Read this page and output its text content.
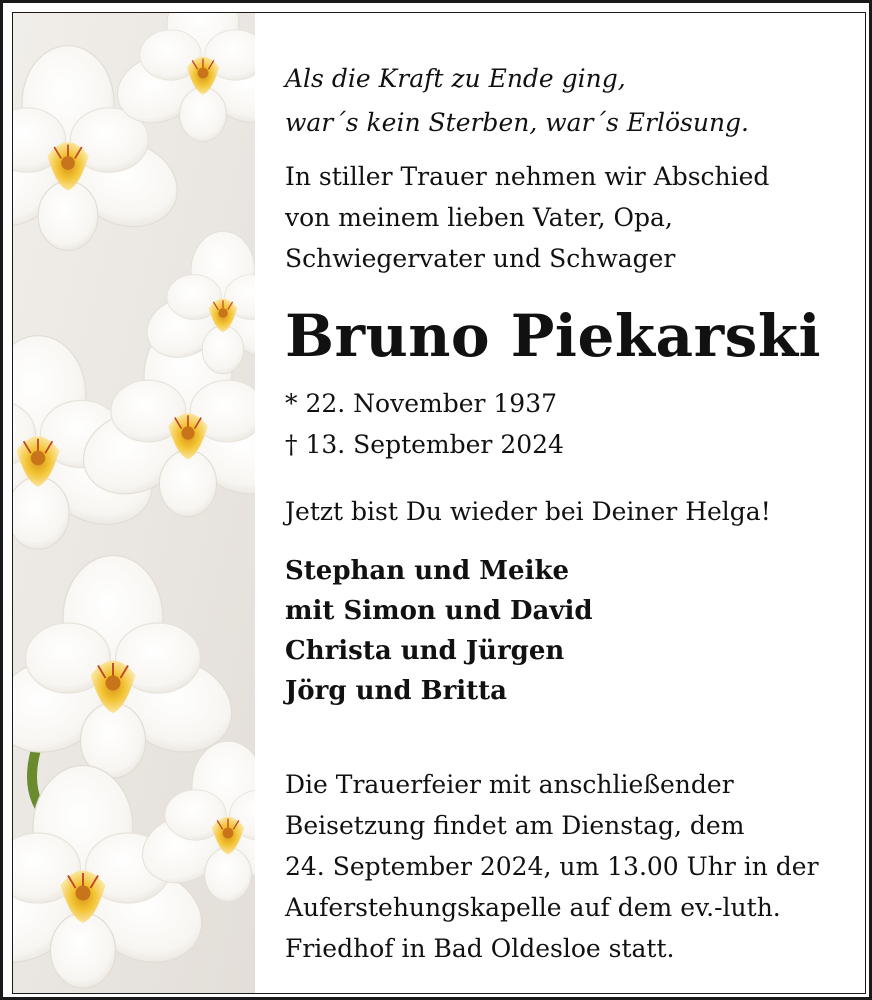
Als die Kraft zu Ende ging,
war´s kein Sterben, war´s Erlösung.

In stiller Trauer nehmen wir Abschied
von meinem lieben Vater, Opa,
Schwiegervater und Schwager

Bruno Piekarski

* 22. November 1937
† 13. September 2024

Jetzt bist Du wieder bei Deiner Helga!

Stephan und Meike
mit Simon und David
Christa und Jürgen
Jörg und Britta

Die Trauerfeier mit anschließender
Beisetzung findet am Dienstag, dem
24. September 2024, um 13.00 Uhr in der
Auferstehungskapelle auf dem ev.-luth.
Friedhof in Bad Oldesloe statt.
